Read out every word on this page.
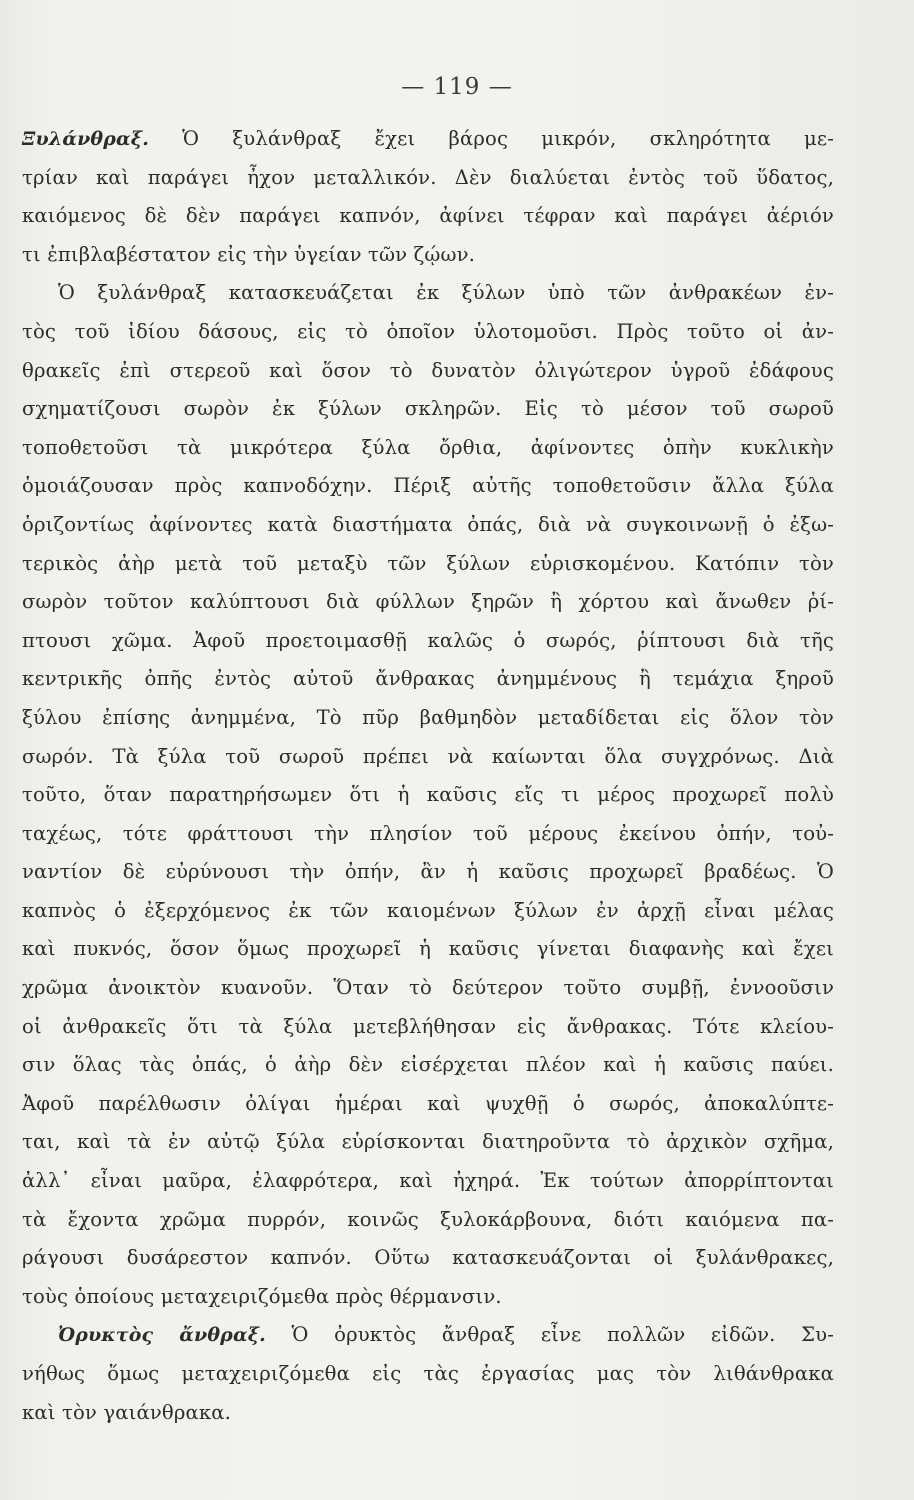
— 119 —
Ξυλάνθραξ. Ὁ ξυλάνθραξ ἔχει βάρος μικρόν, σκληρότητα με-
τρίαν καὶ παράγει ἦχον μεταλλικόν. Δὲν διαλύεται ἐντὸς τοῦ ὕδατος,
καιόμενος δὲ δὲν παράγει καπνόν, ἀφίνει τέφραν καὶ παράγει ἀέριόν
τι ἐπιβλαβέστατον εἰς τὴν ὑγείαν τῶν ζῴων.
Ὁ ξυλάνθραξ κατασκευάζεται ἐκ ξύλων ὑπὸ τῶν ἀνθρακέων ἐν-
τὸς τοῦ ἰδίου δάσους, εἰς τὸ ὁποῖον ὑλοτομοῦσι. Πρὸς τοῦτο οἱ ἀν-
θρακεῖς ἐπὶ στερεοῦ καὶ ὅσον τὸ δυνατὸν ὀλιγώτερον ὑγροῦ ἐδάφους
σχηματίζουσι σωρὸν ἐκ ξύλων σκληρῶν. Εἰς τὸ μέσον τοῦ σωροῦ
τοποθετοῦσι τὰ μικρότερα ξύλα ὄρθια, ἀφίνοντες ὀπὴν κυκλικὴν
ὁμοιάζουσαν πρὸς καπνοδόχην. Πέριξ αὐτῆς τοποθετοῦσιν ἄλλα ξύλα
ὁριζοντίως ἀφίνοντες κατὰ διαστήματα ὀπάς, διὰ νὰ συγκοινωνῇ ὁ ἐξω-
τερικὸς ἀὴρ μετὰ τοῦ μεταξὺ τῶν ξύλων εὑρισκομένου. Κατόπιν τὸν
σωρὸν τοῦτον καλύπτουσι διὰ φύλλων ξηρῶν ἢ χόρτου καὶ ἄνωθεν ῥί-
πτουσι χῶμα. Ἀφοῦ προετοιμασθῇ καλῶς ὁ σωρός, ῥίπτουσι διὰ τῆς
κεντρικῆς ὀπῆς ἐντὸς αὐτοῦ ἄνθρακας ἀνημμένους ἢ τεμάχια ξηροῦ
ξύλου ἐπίσης ἀνημμένα, Τὸ πῦρ βαθμηδὸν μεταδίδεται εἰς ὅλον τὸν
σωρόν. Τὰ ξύλα τοῦ σωροῦ πρέπει νὰ καίωνται ὅλα συγχρόνως. Διὰ
τοῦτο, ὅταν παρατηρήσωμεν ὅτι ἡ καῦσις εἴς τι μέρος προχωρεῖ πολὺ
ταχέως, τότε φράττουσι τὴν πλησίον τοῦ μέρους ἐκείνου ὀπήν, τοὐ-
ναντίον δὲ εὐρύνουσι τὴν ὀπήν, ἂν ἡ καῦσις προχωρεῖ βραδέως. Ὁ
καπνὸς ὁ ἐξερχόμενος ἐκ τῶν καιομένων ξύλων ἐν ἀρχῇ εἶναι μέλας
καὶ πυκνός, ὅσον ὅμως προχωρεῖ ἡ καῦσις γίνεται διαφανὴς καὶ ἔχει
χρῶμα ἀνοικτὸν κυανοῦν. Ὅταν τὸ δεύτερον τοῦτο συμβῇ, ἐννοοῦσιν
οἱ ἀνθρακεῖς ὅτι τὰ ξύλα μετεβλήθησαν εἰς ἄνθρακας. Τότε κλείου-
σιν ὅλας τὰς ὀπάς, ὁ ἀὴρ δὲν εἰσέρχεται πλέον καὶ ἡ καῦσις παύει.
Ἀφοῦ παρέλθωσιν ὀλίγαι ἡμέραι καὶ ψυχθῇ ὁ σωρός, ἀποκαλύπτε-
ται, καὶ τὰ ἐν αὐτῷ ξύλα εὑρίσκονται διατηροῦντα τὸ ἀρχικὸν σχῆμα,
ἀλλ᾽ εἶναι μαῦρα, ἐλαφρότερα, καὶ ἠχηρά. Ἐκ τούτων ἀπορρίπτονται
τὰ ἔχοντα χρῶμα πυρρόν, κοινῶς ξυλοκάρβουνα, διότι καιόμενα πα-
ράγουσι δυσάρεστον καπνόν. Οὕτω κατασκευάζονται οἱ ξυλάνθρακες,
τοὺς ὁποίους μεταχειριζόμεθα πρὸς θέρμανσιν.
Ὀρυκτὸς ἄνθραξ. Ὁ ὀρυκτὸς ἄνθραξ εἶνε πολλῶν εἰδῶν. Συ-
νήθως ὅμως μεταχειριζόμεθα εἰς τὰς ἐργασίας μας τὸν λιθάνθρακα
καὶ τὸν γαιάνθρακα.
